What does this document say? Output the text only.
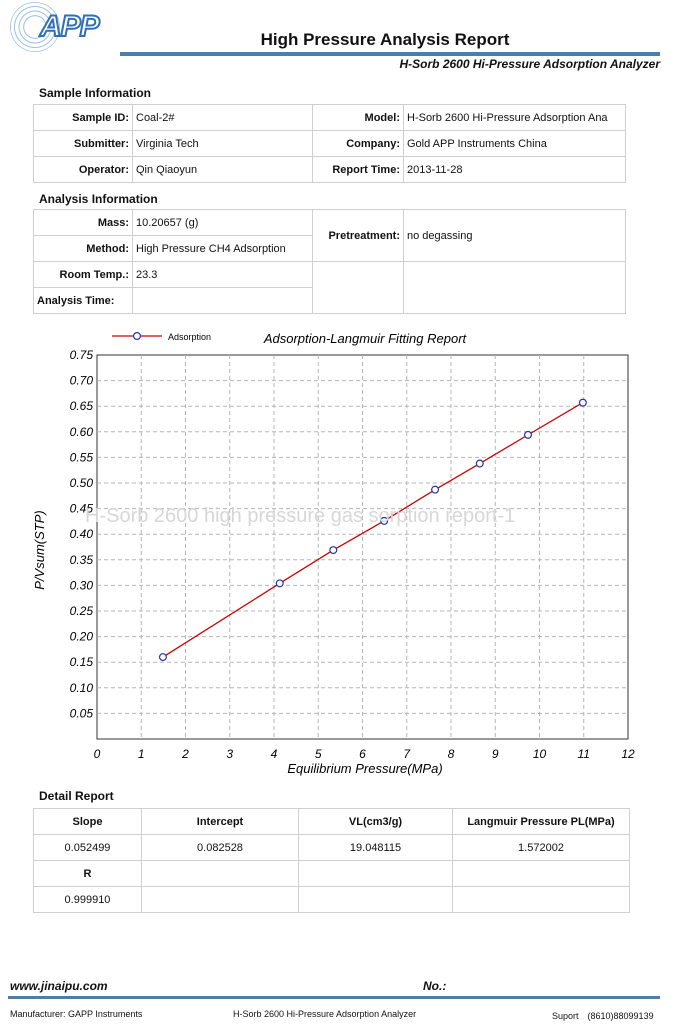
APP	High Pressure Analysis Report
H-Sorb 2600 Hi-Pressure Adsorption Analyzer
Sample Information
Sample ID:	Coal-2#	Model:	H-Sorb 2600 Hi-Pressure Adsorption Ana
Submitter:	Virginia Tech	Company:	Gold APP Instruments China
Operator:	Qin Qiaoyun	Report Time:	2013-11-28
Analysis Information
Mass:	10.20657 (g)	Pretreatment:	no degassing
Method:	High Pressure CH4 Adsorption		
Room Temp.:	23.3		
Analysis Time:			
0	1	2	3	4	5	6	7	8	9	10	11	12
0.05
0.10
0.15
0.20
0.25
0.30
0.35
0.40
0.45
0.50
0.55
0.60
0.65
0.70
0.75
Adsorption-Langmuir Fitting Report
Equilibrium Pressure(MPa)
P/Vsum(STP)
Adsorption
H-Sorb 2600 high pressure gas sorption report-1
Detail Report
Slope	Intercept	VL(cm3/g)	Langmuir Pressure PL(MPa)
0.052499	0.082528	19.048115	1.572002
R			
0.999910			
www.jinaipu.com	No.:
Manufacturer: GAPP Instruments	H-Sorb 2600 Hi-Pressure Adsorption Analyzer	Suport　(8610)88099139
